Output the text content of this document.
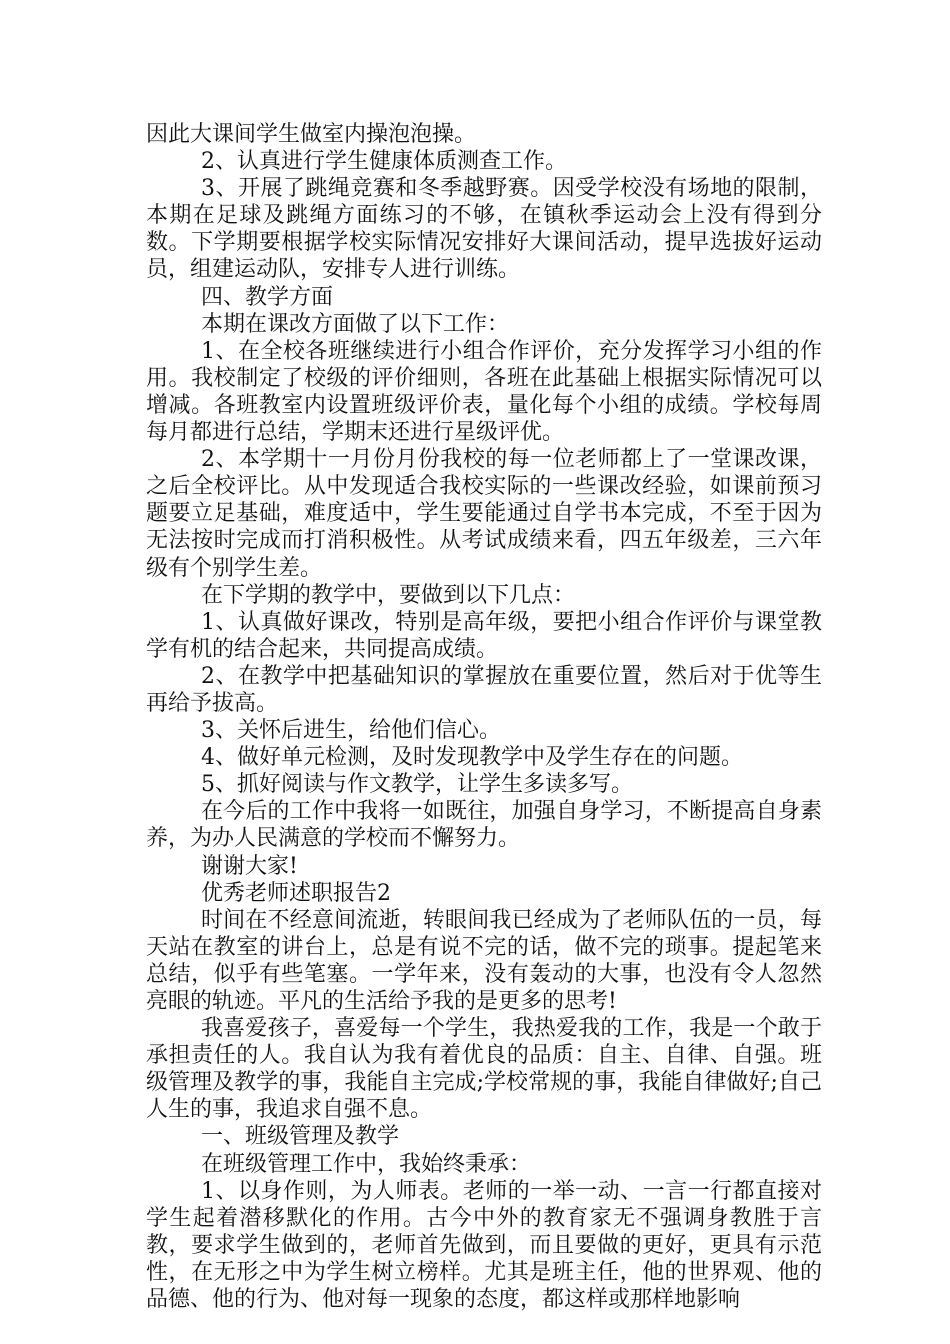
因此大课间学生做室内操泡泡操。

2、认真进行学生健康体质测查工作。

3、开展了跳绳竞赛和冬季越野赛。因受学校没有场地的限制，本期在足球及跳绳方面练习的不够，在镇秋季运动会上没有得到分数。下学期要根据学校实际情况安排好大课间活动，提早选拔好运动员，组建运动队，安排专人进行训练。

四、教学方面

本期在课改方面做了以下工作：

1、在全校各班继续进行小组合作评价，充分发挥学习小组的作用。我校制定了校级的评价细则，各班在此基础上根据实际情况可以增减。各班教室内设置班级评价表，量化每个小组的成绩。学校每周每月都进行总结，学期末还进行星级评优。

2、本学期十一月份月份我校的每一位老师都上了一堂课改课，之后全校评比。从中发现适合我校实际的一些课改经验，如课前预习题要立足基础，难度适中，学生要能通过自学书本完成，不至于因为无法按时完成而打消积极性。从考试成绩来看，四五年级差，三六年级有个别学生差。

在下学期的教学中，要做到以下几点：

1、认真做好课改，特别是高年级，要把小组合作评价与课堂教学有机的结合起来，共同提高成绩。

2、在教学中把基础知识的掌握放在重要位置，然后对于优等生再给予拔高。

3、关怀后进生，给他们信心。

4、做好单元检测，及时发现教学中及学生存在的问题。

5、抓好阅读与作文教学，让学生多读多写。

在今后的工作中我将一如既往，加强自身学习，不断提高自身素养，为办人民满意的学校而不懈努力。

谢谢大家!

优秀老师述职报告2

时间在不经意间流逝，转眼间我已经成为了老师队伍的一员，每天站在教室的讲台上，总是有说不完的话，做不完的琐事。提起笔来总结，似乎有些笔塞。一学年来，没有轰动的大事，也没有令人忽然亮眼的轨迹。平凡的生活给予我的是更多的思考!

我喜爱孩子，喜爱每一个学生，我热爱我的工作，我是一个敢于承担责任的人。我自认为我有着优良的品质：自主、自律、自强。班级管理及教学的事，我能自主完成;学校常规的事，我能自律做好;自己人生的事，我追求自强不息。

一、班级管理及教学

在班级管理工作中，我始终秉承：

1、以身作则，为人师表。老师的一举一动、一言一行都直接对学生起着潜移默化的作用。古今中外的教育家无不强调身教胜于言教，要求学生做到的，老师首先做到，而且要做的更好，更具有示范性，在无形之中为学生树立榜样。尤其是班主任，他的世界观、他的品德、他的行为、他对每一现象的态度，都这样或那样地影响
